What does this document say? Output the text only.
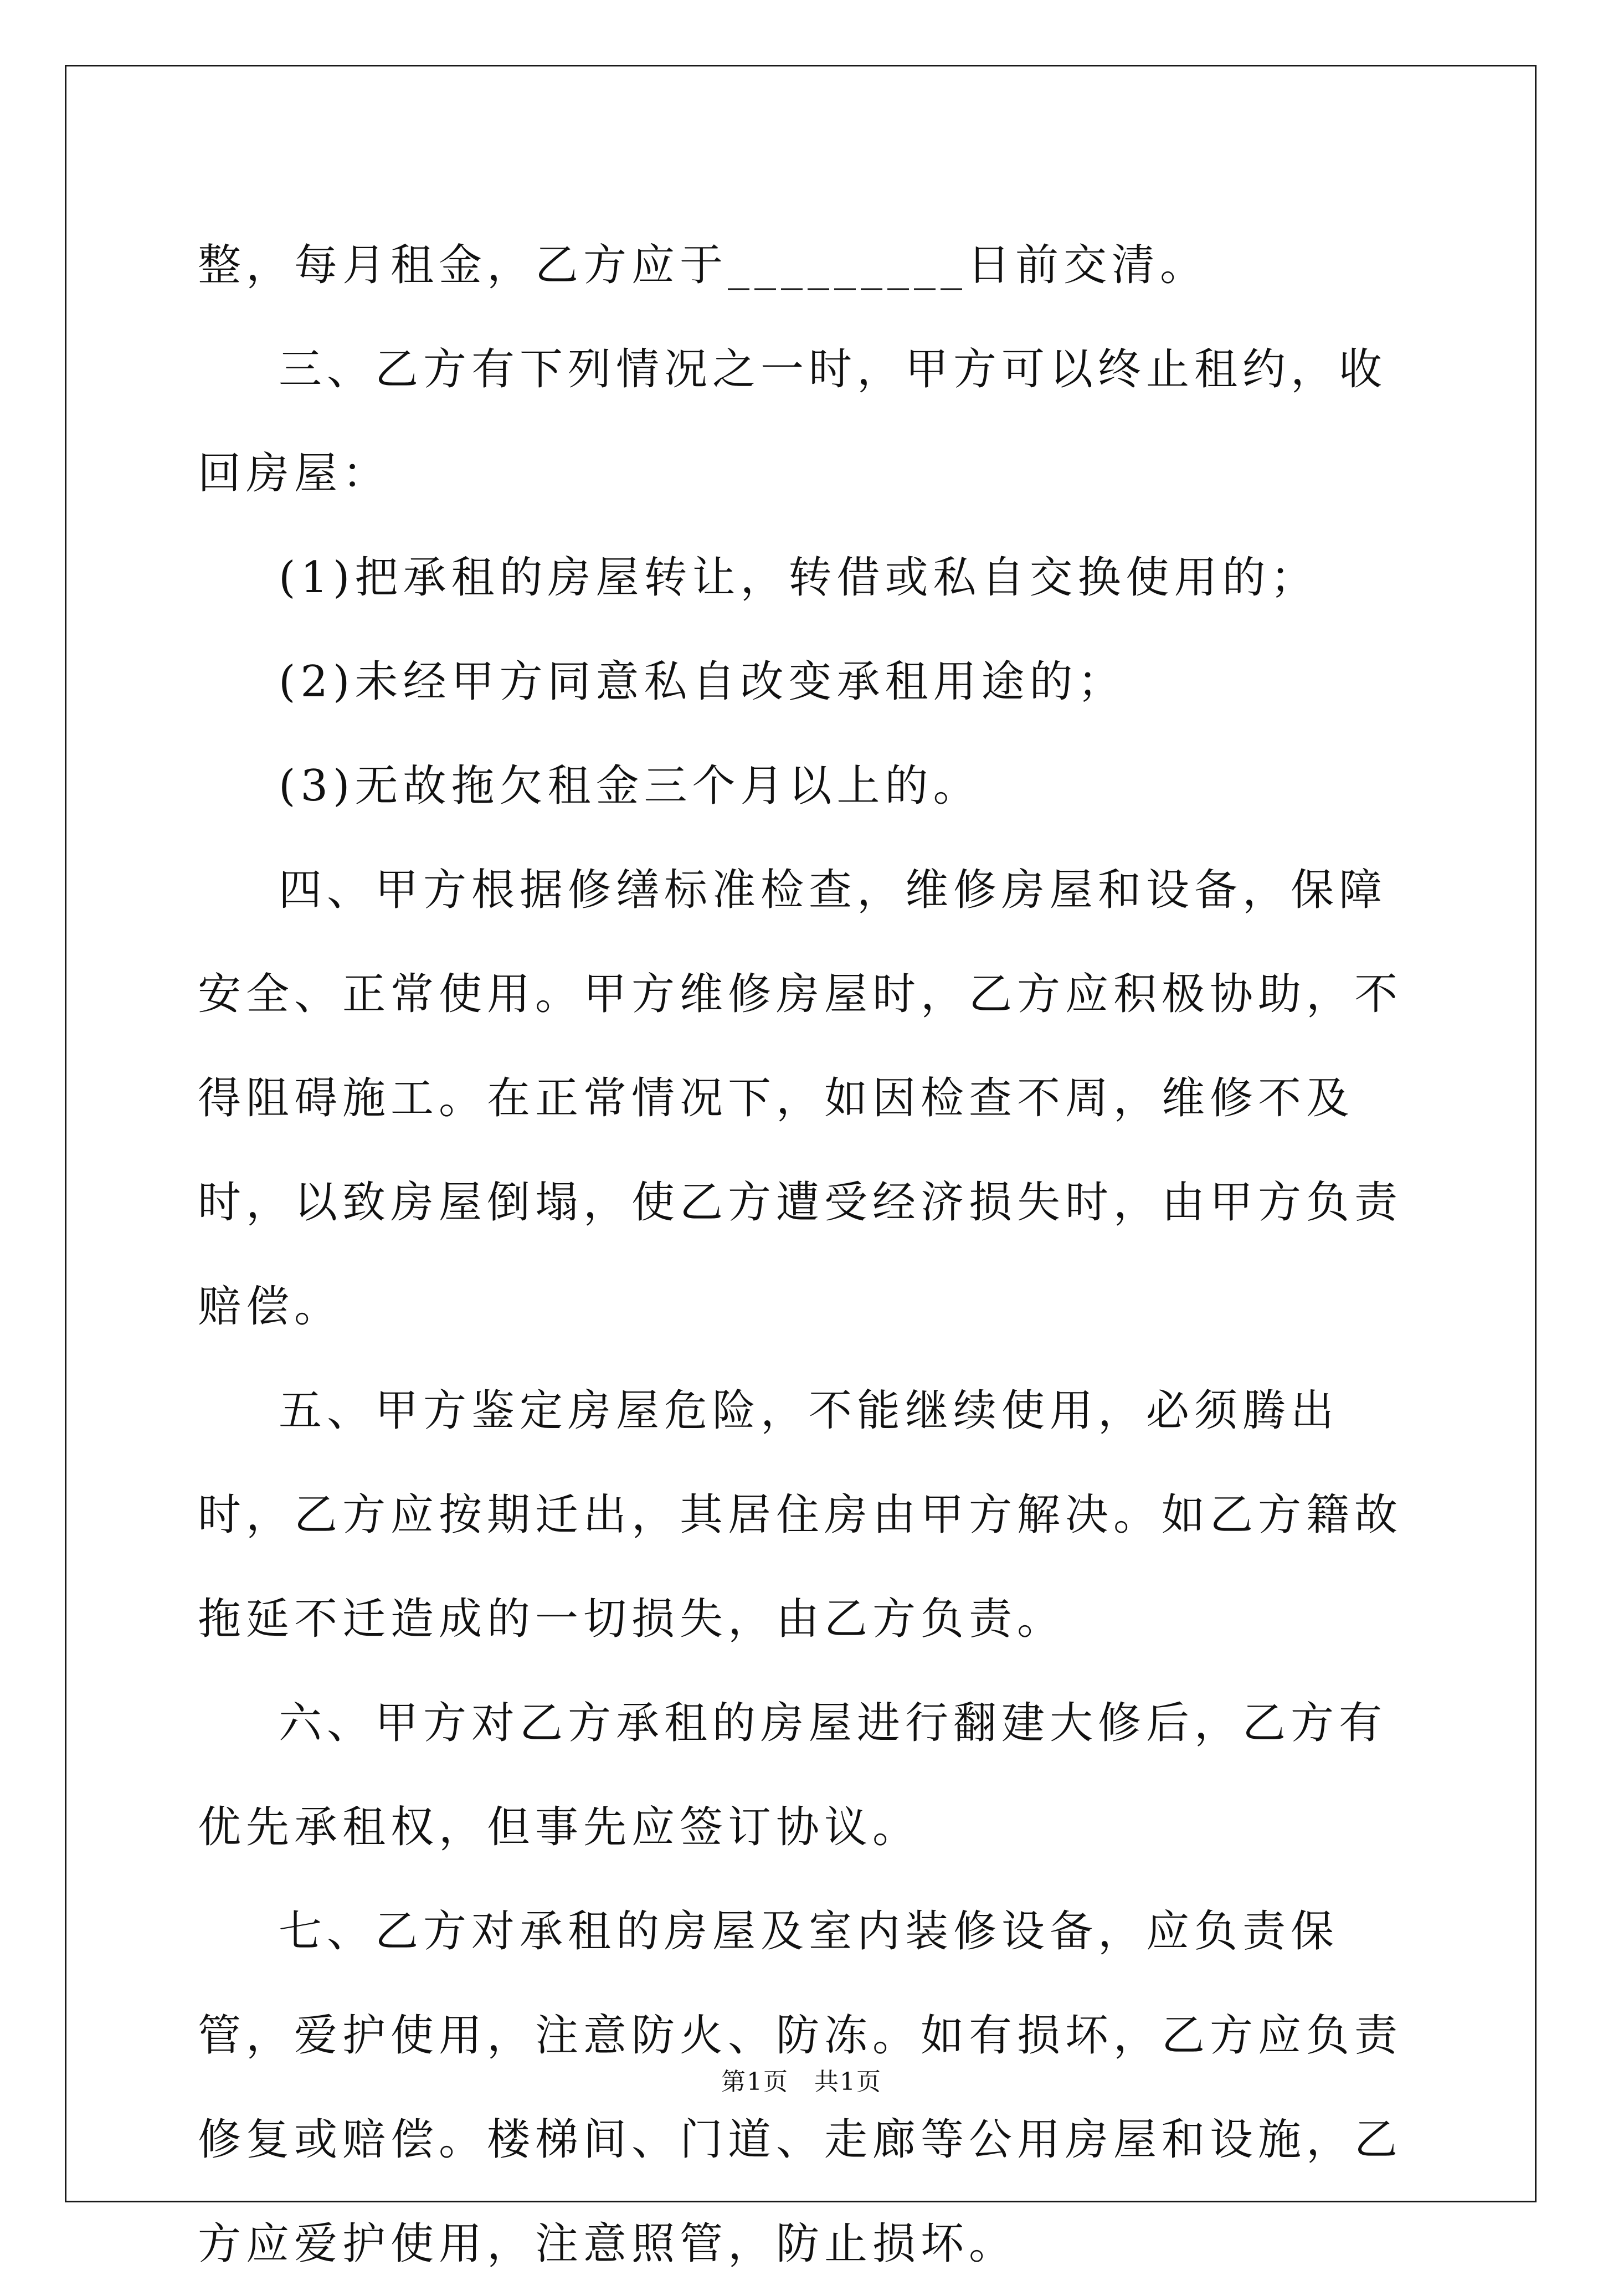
整，每月租金，乙方应于_________日前交清。

三、乙方有下列情况之一时，甲方可以终止租约，收回房屋：

(1)把承租的房屋转让，转借或私自交换使用的；

(2)未经甲方同意私自改变承租用途的；

(3)无故拖欠租金三个月以上的。

四、甲方根据修缮标准检查，维修房屋和设备，保障安全、正常使用。甲方维修房屋时，乙方应积极协助，不得阻碍施工。在正常情况下，如因检查不周，维修不及时，以致房屋倒塌，使乙方遭受经济损失时，由甲方负责赔偿。

五、甲方鉴定房屋危险，不能继续使用，必须腾出时，乙方应按期迁出，其居住房由甲方解决。如乙方籍故拖延不迁造成的一切损失，由乙方负责。

六、甲方对乙方承租的房屋进行翻建大修后，乙方有优先承租权，但事先应签订协议。

七、乙方对承租的房屋及室内装修设备，应负责保管，爱护使用，注意防火、防冻。如有损坏，乙方应负责修复或赔偿。楼梯间、门道、走廊等公用房屋和设施，乙方应爱护使用，注意照管，防止损坏。

第1页　共1页
